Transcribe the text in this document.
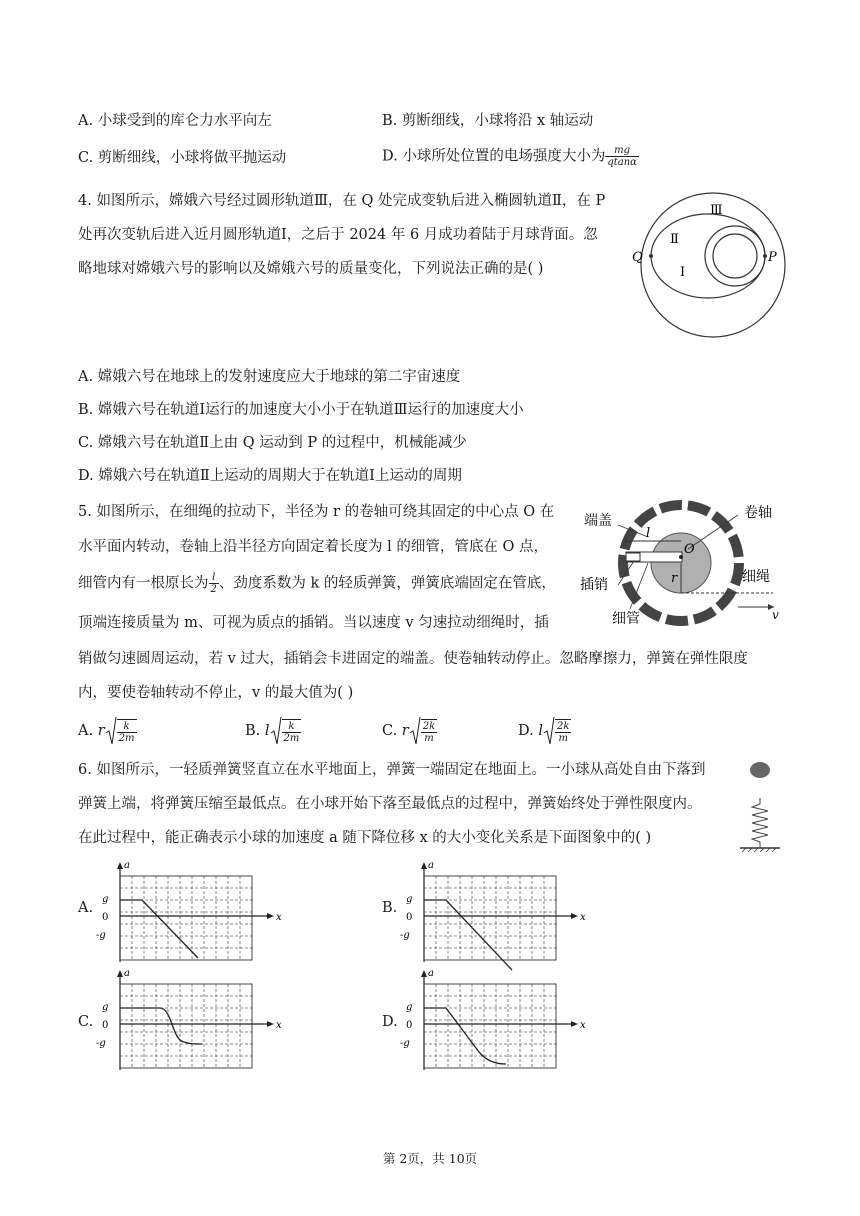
A. 小球受到的库仑力水平向左	B. 剪断细线，小球将沿 x 轴运动
C. 剪断细线，小球将做平抛运动	D. 小球所处位置的电场强度大小为 $\frac{mg}{qtan\alpha}$
4. 如图所示，嫦娥六号经过圆形轨道Ⅲ，在 Q 处完成变轨后进入椭圆轨道Ⅱ，在 P
处再次变轨后进入近月圆形轨道Ⅰ，之后于 2024 年 6 月成功着陆于月球背面。忽
略地球对嫦娥六号的影响以及嫦娥六号的质量变化，下列说法正确的是( )
Ⅲ
Ⅱ
Ⅰ
Q	P
A. 嫦娥六号在地球上的发射速度应大于地球的第二宇宙速度
B. 嫦娥六号在轨道Ⅰ运行的加速度大小小于在轨道Ⅲ运行的加速度大小
C. 嫦娥六号在轨道Ⅱ上由 Q 运动到 P 的过程中，机械能减少
D. 嫦娥六号在轨道Ⅱ上运动的周期大于在轨道Ⅰ上运动的周期
5. 如图所示，在细绳的拉动下，半径为 r 的卷轴可绕其固定的中心点 O 在
水平面内转动，卷轴上沿半径方向固定着长度为 l 的细管，管底在 O 点，
细管内有一根原长为 $\frac{l}{2}$ 、劲度系数为 k 的轻质弹簧，弹簧底端固定在管底，
顶端连接质量为 m、可视为质点的插销。当以速度 v 匀速拉动细绳时，插
销做匀速圆周运动，若 v 过大，插销会卡进固定的端盖。使卷轴转动停止。忽略摩擦力，弹簧在弹性限度
内，要使卷轴转动不停止，v 的最大值为( )
端盖	卷轴
插销
细管
细绳
l
O
r
v
A. r $\frac{k}{2m}$	B. l $\frac{k}{2m}$	C. r $\frac{2k}{m}$	D. l $\frac{2k}{m}$
6. 如图所示，一轻质弹簧竖直立在水平地面上，弹簧一端固定在地面上。一小球从高处自由下落到
弹簧上端，将弹簧压缩至最低点。在小球开始下落至最低点的过程中，弹簧始终处于弹性限度内。
在此过程中，能正确表示小球的加速度 a 随下降位移 x 的大小变化关系是下面图象中的( )
A.
a
g
0
-g
x
B.
a
g
0
-g
x
C.
a
g
0
-g
x	D.
a
g
0
-g
x
第 2页，共 10页
